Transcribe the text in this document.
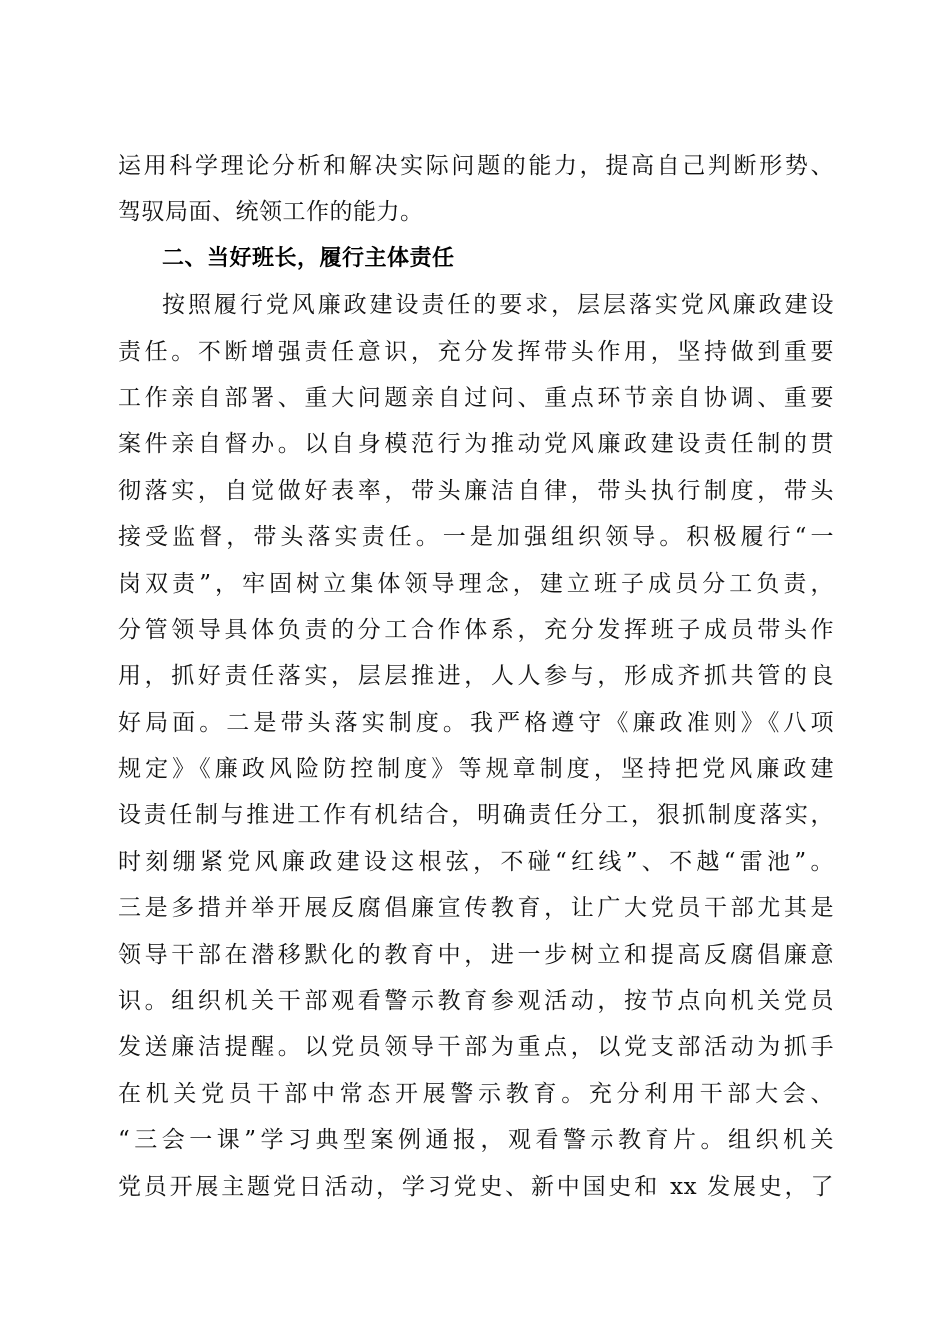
运用科学理论分析和解决实际问题的能力，提高自己判断形势、
驾驭局面、统领工作的能力。
二、当好班长，履行主体责任
按照履行党风廉政建设责任的要求，层层落实党风廉政建设
责任。不断增强责任意识，充分发挥带头作用，坚持做到重要
工作亲自部署、重大问题亲自过问、重点环节亲自协调、重要
案件亲自督办。以自身模范行为推动党风廉政建设责任制的贯
彻落实，自觉做好表率，带头廉洁自律，带头执行制度，带头
接受监督，带头落实责任。一是加强组织领导。积极履行“一
岗双责”，牢固树立集体领导理念，建立班子成员分工负责，
分管领导具体负责的分工合作体系，充分发挥班子成员带头作
用，抓好责任落实，层层推进，人人参与，形成齐抓共管的良
好局面。二是带头落实制度。我严格遵守《廉政准则》《八项
规定》《廉政风险防控制度》等规章制度，坚持把党风廉政建
设责任制与推进工作有机结合，明确责任分工，狠抓制度落实，
时刻绷紧党风廉政建设这根弦，不碰“红线”、不越“雷池”。
三是多措并举开展反腐倡廉宣传教育，让广大党员干部尤其是
领导干部在潜移默化的教育中，进一步树立和提高反腐倡廉意
识。组织机关干部观看警示教育参观活动，按节点向机关党员
发送廉洁提醒。以党员领导干部为重点，以党支部活动为抓手
在机关党员干部中常态开展警示教育。充分利用干部大会、
“三会一课”学习典型案例通报，观看警示教育片。组织机关
党员开展主题党日活动，学习党史、新中国史和 xx 发展史，了
